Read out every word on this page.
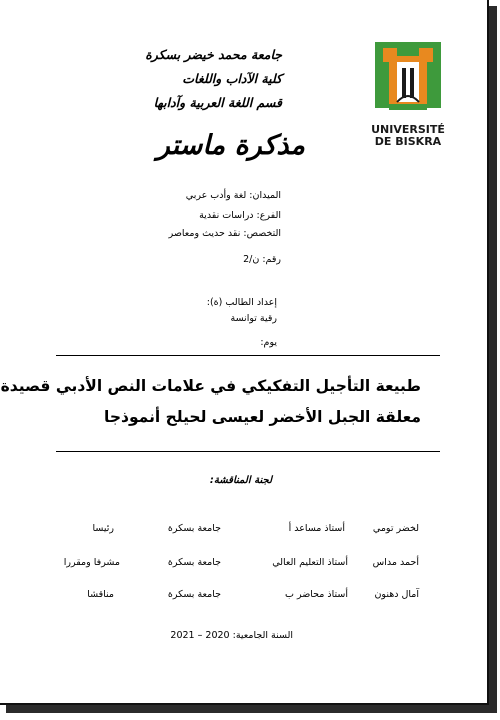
جامعة محمد خيضر بسكرة
كلية الآداب واللغات
قسم اللغة العربية وآدابها
UNIVERSITÉ
DE BISKRA
مذكرة ماستر
الميدان: لغة وأدب عربي
الفرع: دراسات نقدية
التخصص: نقد حديث ومعاصر
رقم: ن/2
إعداد الطالب (ة):
رقية توانسة
يوم:
طبيعة التأجيل التفكيكي في علامات النص الأدبي قصيدة
معلقة الجبل الأخضر لعيسى لحيلح أنموذجا
لجنة المناقشة:
لخضر تومي
أستاذ مساعد أ
جامعة بسكرة
رئيسا
أحمد مداس
أستاذ التعليم العالي
جامعة بسكرة
مشرفا ومقررا
آمال دهنون
أستاذ محاضر ب
جامعة بسكرة
مناقشا
السنة الجامعية: 2020 – 2021
